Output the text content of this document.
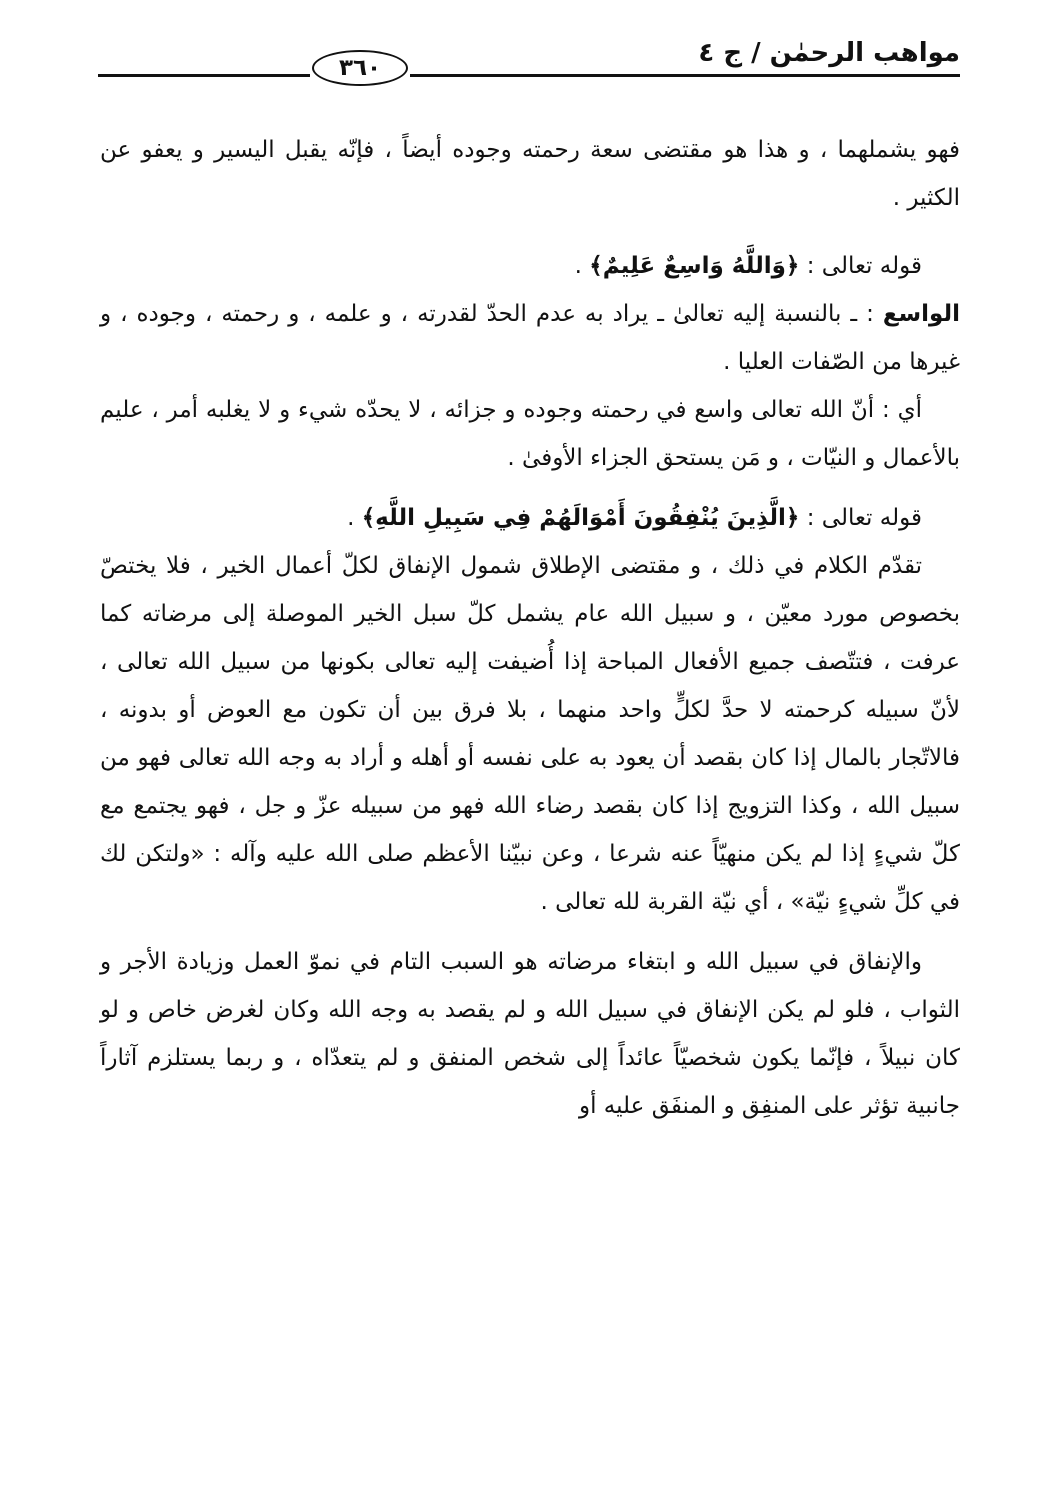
٣٦٠	مواهب الرحمٰن / ج ٤

فهو يشملهما ، و هذا هو مقتضى سعة رحمته وجوده أيضاً ، فإنّه يقبل اليسير و يعفو عن الكثير .

قوله تعالى : ﴿وَاللَّهُ وَاسِعٌ عَلِيمٌ﴾ .

الواسع : ـ بالنسبة إليه تعالىٰ ـ يراد به عدم الحدّ لقدرته ، و علمه ، و رحمته ، وجوده ، و غيرها من الصّفات العليا .

أي : أنّ الله تعالى واسع في رحمته وجوده و جزائه ، لا يحدّه شيء و لا يغلبه أمر ، عليم بالأعمال و النيّات ، و مَن يستحق الجزاء الأوفىٰ .

قوله تعالى : ﴿الَّذِينَ يُنْفِقُونَ أَمْوَالَهُمْ فِي سَبِيلِ اللَّهِ﴾ .

تقدّم الكلام في ذلك ، و مقتضى الإطلاق شمول الإنفاق لكلّ أعمال الخير ، فلا يختصّ بخصوص مورد معيّن ، و سبيل الله عام يشمل كلّ سبل الخير الموصلة إلى مرضاته كما عرفت ، فتتّصف جميع الأفعال المباحة إذا أُضيفت إليه تعالى بكونها من سبيل الله تعالى ، لأنّ سبيله كرحمته لا حدَّ لكلٍّ واحد منهما ، بلا فرق بين أن تكون مع العوض أو بدونه ، فالاتّجار بالمال إذا كان بقصد أن يعود به على نفسه أو أهله و أراد به وجه الله تعالى فهو من سبيل الله ، وكذا التزويج إذا كان بقصد رضاء الله فهو من سبيله عزّ و جل ، فهو يجتمع مع كلّ شيءٍ إذا لم يكن منهيّاً عنه شرعا ، وعن نبيّنا الأعظم صلى الله عليه وآله : «ولتكن لك في كلِّ شيءٍ نيّة» ، أي نيّة القربة لله تعالى .

والإنفاق في سبيل الله و ابتغاء مرضاته هو السبب التام في نموّ العمل وزيادة الأجر و الثواب ، فلو لم يكن الإنفاق في سبيل الله و لم يقصد به وجه الله وكان لغرض خاص و لو كان نبيلاً ، فإنّما يكون شخصيّاً عائداً إلى شخص المنفق و لم يتعدّاه ، و ربما يستلزم آثاراً جانبية تؤثر على المنفِق و المنفَق عليه أو
